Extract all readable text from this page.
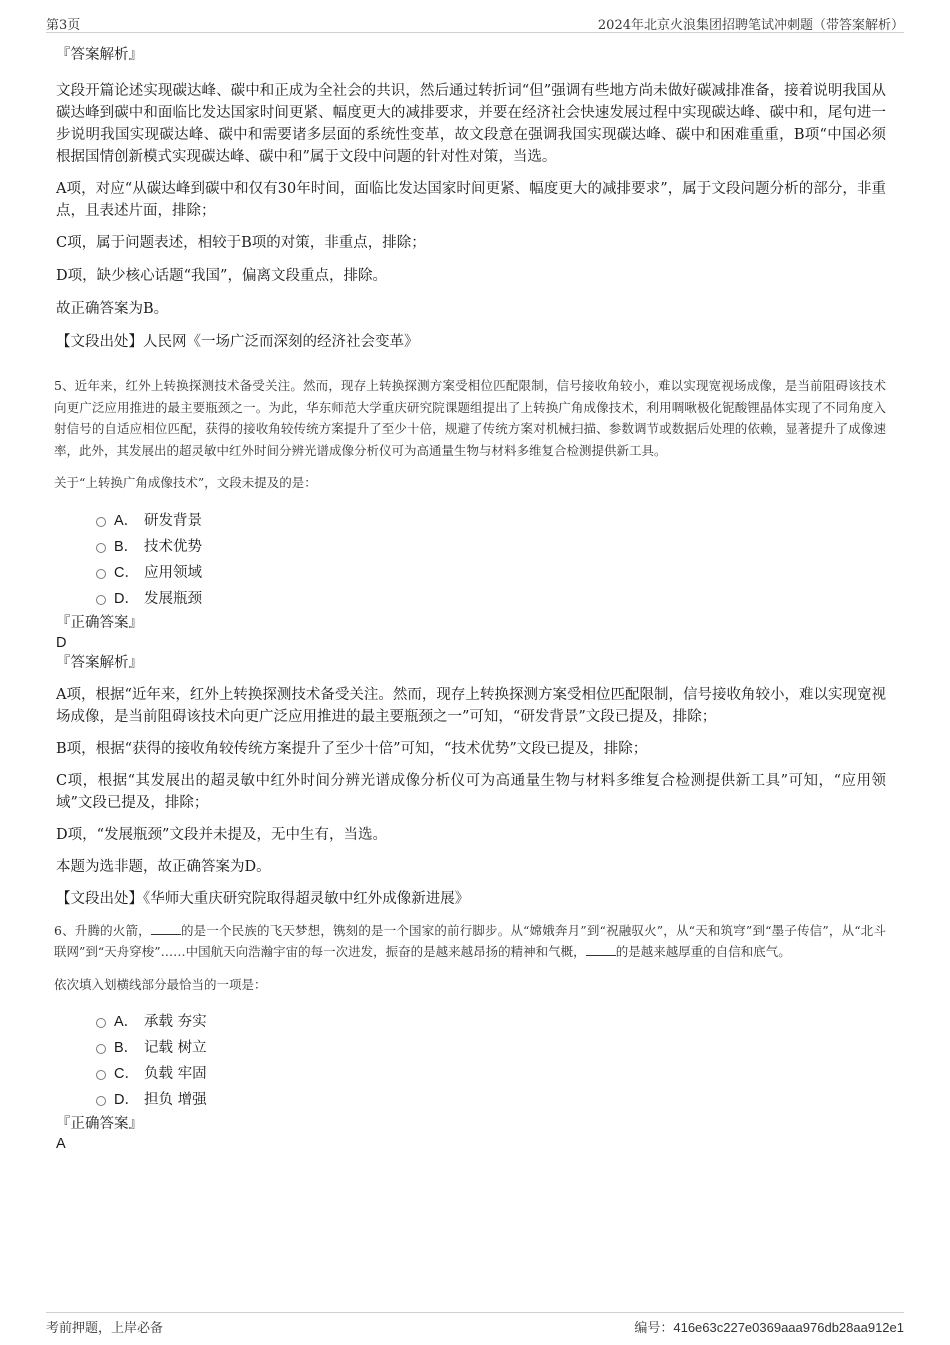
第3页	2024年北京火浪集团招聘笔试冲刺题（带答案解析）

『答案解析』

文段开篇论述实现碳达峰、碳中和正成为全社会的共识，然后通过转折词“但”强调有些地方尚未做好碳减排准备，接着说明我国从碳达峰到碳中和面临比发达国家时间更紧、幅度更大的减排要求，并要在经济社会快速发展过程中实现碳达峰、碳中和，尾句进一步说明我国实现碳达峰、碳中和需要诸多层面的系统性变革，故文段意在强调我国实现碳达峰、碳中和困难重重，B项“中国必须根据国情创新模式实现碳达峰、碳中和”属于文段中问题的针对性对策，当选。

A项，对应“从碳达峰到碳中和仅有30年时间，面临比发达国家时间更紧、幅度更大的减排要求”，属于文段问题分析的部分，非重点，且表述片面，排除；

C项，属于问题表述，相较于B项的对策，非重点，排除；

D项，缺少核心话题“我国”，偏离文段重点，排除。

故正确答案为B。

【文段出处】人民网《一场广泛而深刻的经济社会变革》

5、近年来，红外上转换探测技术备受关注。然而，现存上转换探测方案受相位匹配限制，信号接收角较小，难以实现宽视场成像，是当前阻碍该技术向更广泛应用推进的最主要瓶颈之一。为此，华东师范大学重庆研究院课题组提出了上转换广角成像技术，利用啁啾极化铌酸锂晶体实现了不同角度入射信号的自适应相位匹配，获得的接收角较传统方案提升了至少十倍，规避了传统方案对机械扫描、参数调节或数据后处理的依赖，显著提升了成像速率，此外，其发展出的超灵敏中红外时间分辨光谱成像分析仪可为高通量生物与材料多维复合检测提供新工具。

关于“上转换广角成像技术”，文段未提及的是：

A． 研发背景
B． 技术优势
C． 应用领域
D． 发展瓶颈

『正确答案』

D

『答案解析』

A项，根据“近年来，红外上转换探测技术备受关注。然而，现存上转换探测方案受相位匹配限制，信号接收角较小，难以实现宽视场成像，是当前阻碍该技术向更广泛应用推进的最主要瓶颈之一”可知，“研发背景”文段已提及，排除；

B项，根据“获得的接收角较传统方案提升了至少十倍”可知，“技术优势”文段已提及，排除；

C项，根据“其发展出的超灵敏中红外时间分辨光谱成像分析仪可为高通量生物与材料多维复合检测提供新工具”可知，“应用领域”文段已提及，排除；

D项，“发展瓶颈”文段并未提及，无中生有，当选。

本题为选非题，故正确答案为D。

【文段出处】《华师大重庆研究院取得超灵敏中红外成像新进展》

6、升腾的火箭， 的是一个民族的飞天梦想，镌刻的是一个国家的前行脚步。从“嫦娥奔月”到“祝融驭火”，从“天和筑穹”到“墨子传信”，从“北斗联网”到“天舟穿梭”……中国航天向浩瀚宇宙的每一次进发，振奋的是越来越昂扬的精神和气概， 的是越来越厚重的自信和底气。

依次填入划横线部分最恰当的一项是：

A． 承载 夯实
B． 记载 树立
C． 负载 牢固
D． 担负 增强

『正确答案』

A

考前押题，上岸必备	编号：416e63c227e0369aaa976db28aa912e1
